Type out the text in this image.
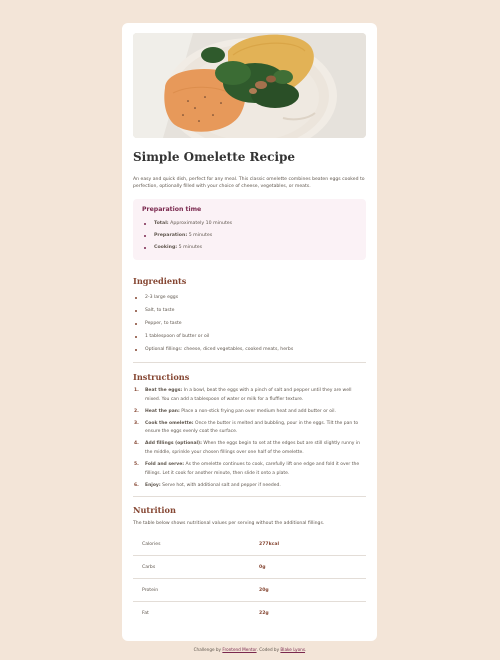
Simple Omelette Recipe

An easy and quick dish, perfect for any meal. This classic omelette combines beaten eggs cooked to perfection, optionally filled with your choice of cheese, vegetables, or meats.

Preparation time
Total: Approximately 10 minutes
Preparation: 5 minutes
Cooking: 5 minutes
Ingredients
2-3 large eggs
Salt, to taste
Pepper, to taste
1 tablespoon of butter or oil
Optional fillings: cheese, diced vegetables, cooked meats, herbs
Instructions
1. Beat the eggs: In a bowl, beat the eggs with a pinch of salt and pepper until they are well mixed. You can add a tablespoon of water or milk for a fluffier texture.
2. Heat the pan: Place a non-stick frying pan over medium heat and add butter or oil.
3. Cook the omelette: Once the butter is melted and bubbling, pour in the eggs. Tilt the pan to ensure the eggs evenly coat the surface.
4. Add fillings (optional): When the eggs begin to set at the edges but are still slightly runny in the middle, sprinkle your chosen fillings over one half of the omelette.
5. Fold and serve: As the omelette continues to cook, carefully lift one edge and fold it over the fillings. Let it cook for another minute, then slide it onto a plate.
6. Enjoy: Serve hot, with additional salt and pepper if needed.
Nutrition

The table below shows nutritional values per serving without the additional fillings.

Calories	277kcal
Carbs	0g
Protein	20g
Fat	22g
Challenge by Frontend Mentor. Coded by Blake Lyons.
